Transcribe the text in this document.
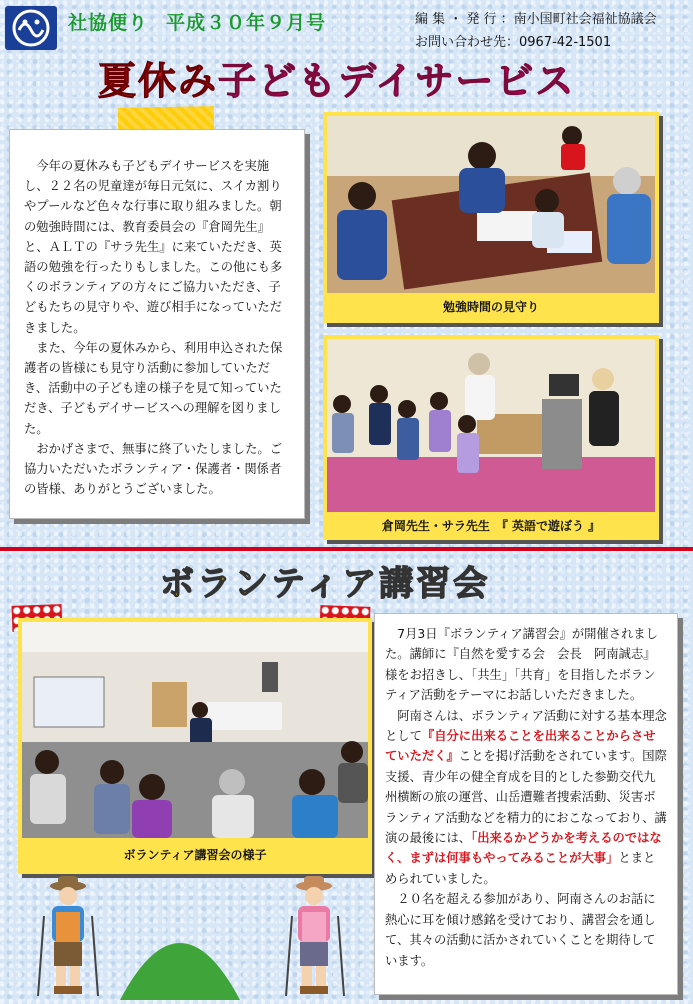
社協便り 平成３０年９月号	編 集 ・ 発 行 ：南小国町社会福祉協議会
お問い合わせ先：0967-42-1501
夏休み子どもデイサービス

今年の夏休みも子どもデイサービスを実施し、２２名の児童達が毎日元気に、スイカ割りやプールなど色々な行事に取り組みました。朝の勉強時間には、教育委員会の『倉岡先生』と、ＡＬＴの『サラ先生』に来ていただき、英語の勉強を行ったりもしました。この他にも多くのボランティアの方々にご協力いただき、子どもたちの見守りや、遊び相手になっていただきました。

また、今年の夏休みから、利用申込された保護者の皆様にも見守り活動に参加していただき、活動中の子ども達の様子を見て知っていただき、子どもデイサービスへの理解を図りました。

おかげさまで、無事に終了いたしました。ご協力いただいたボランティア・保護者・関係者の皆様、ありがとうございました。

勉強時間の見守り
倉岡先生・サラ先生　『 英語で遊ぼう 』
ボランティア講習会
ボランティア講習会の様子

7月3日『ボランティア講習会』が開催されました。講師に『自然を愛する会　会長　阿南誠志』様をお招きし、「共生」「共育」を目指したボランティア活動をテーマにお話しいただきました。

阿南さんは、ボランティア活動に対する基本理念として『自分に出来ることを出来ることからさせていただく』ことを掲げ活動をされています。国際支援、青少年の健全育成を目的とした参勤交代九州横断の旅の運営、山岳遭難者捜索活動、災害ボランティア活動などを精力的におこなっており、講演の最後には、「出来るかどうかを考えるのではなく、まずは何事もやってみることが大事」とまとめられていました。

２０名を超える参加があり、阿南さんのお話に熱心に耳を傾け感銘を受けており、講習会を通して、其々の活動に活かされていくことを期待しています。
